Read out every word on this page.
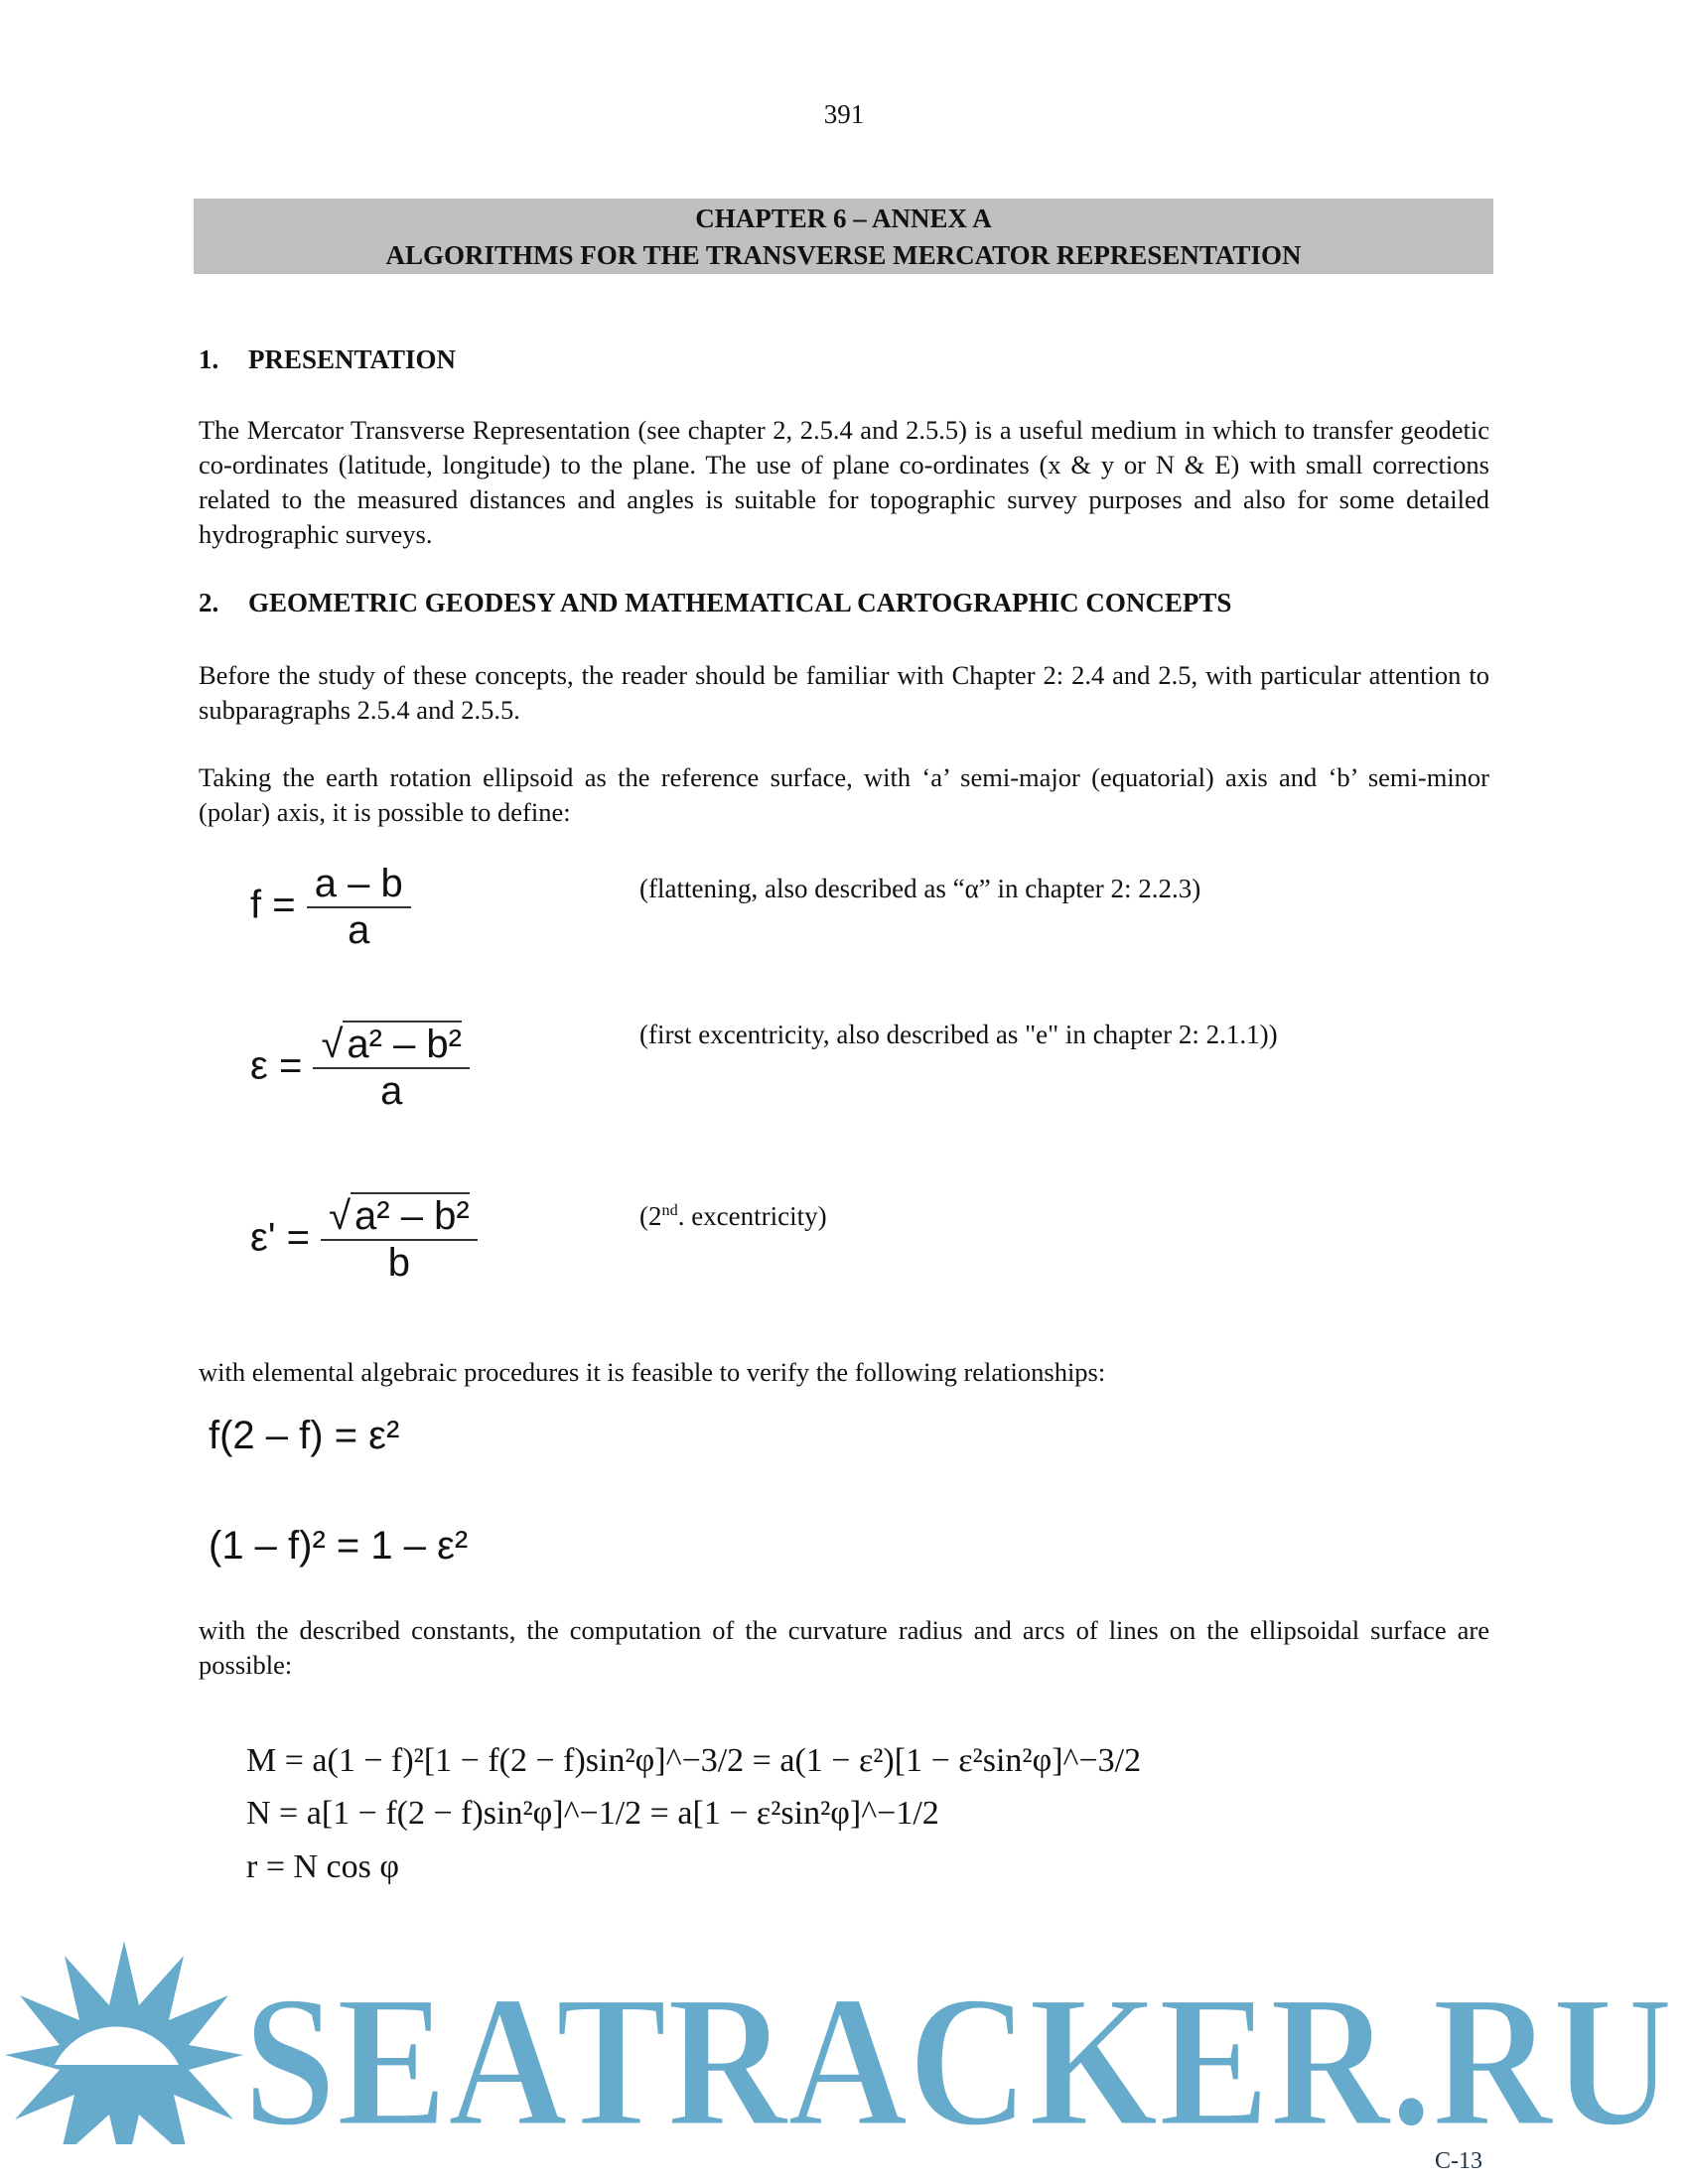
391
CHAPTER 6 – ANNEX A
ALGORITHMS FOR THE TRANSVERSE MERCATOR REPRESENTATION
1. PRESENTATION
The Mercator Transverse Representation (see chapter 2, 2.5.4 and 2.5.5) is a useful medium in which to transfer geodetic co-ordinates (latitude, longitude) to the plane. The use of plane co-ordinates (x & y or N & E) with small corrections related to the measured distances and angles is suitable for topographic survey purposes and also for some detailed hydrographic surveys.
2. GEOMETRIC GEODESY AND MATHEMATICAL CARTOGRAPHIC CONCEPTS
Before the study of these concepts, the reader should be familiar with Chapter 2: 2.4 and 2.5, with particular attention to subparagraphs 2.5.4 and 2.5.5.
Taking the earth rotation ellipsoid as the reference surface, with ‘a’ semi-major (equatorial) axis and ‘b’ semi-minor (polar) axis, it is possible to define:
$f = \frac{a - b}{a}$	(flattening, also described as “α” in chapter 2: 2.2.3)
$\varepsilon = \frac{\text{√ a² – b²}}{a}$	(first excentricity, also described as "e" in chapter 2: 2.1.1))
$\varepsilon' = \frac{\text{√ a² – b²}}{b}$	(2nd. excentricity)
with elemental algebraic procedures it is feasible to verify the following relationships:
f(2 – f) = ε²
(1 – f)² = 1 – ε²
with the described constants, the computation of the curvature radius and arcs of lines on the ellipsoidal surface are possible:
M = a(1 − f)²[1 − f(2 − f)sin²φ]^−3/2 = a(1 − ε²)[1 − ε²sin²φ]^−3/2
N = a[1 − f(2 − f)sin²φ]^−1/2 = a[1 − ε²sin²φ]^−1/2
r = N cos φ
SEATRACKER.RU
C-13
